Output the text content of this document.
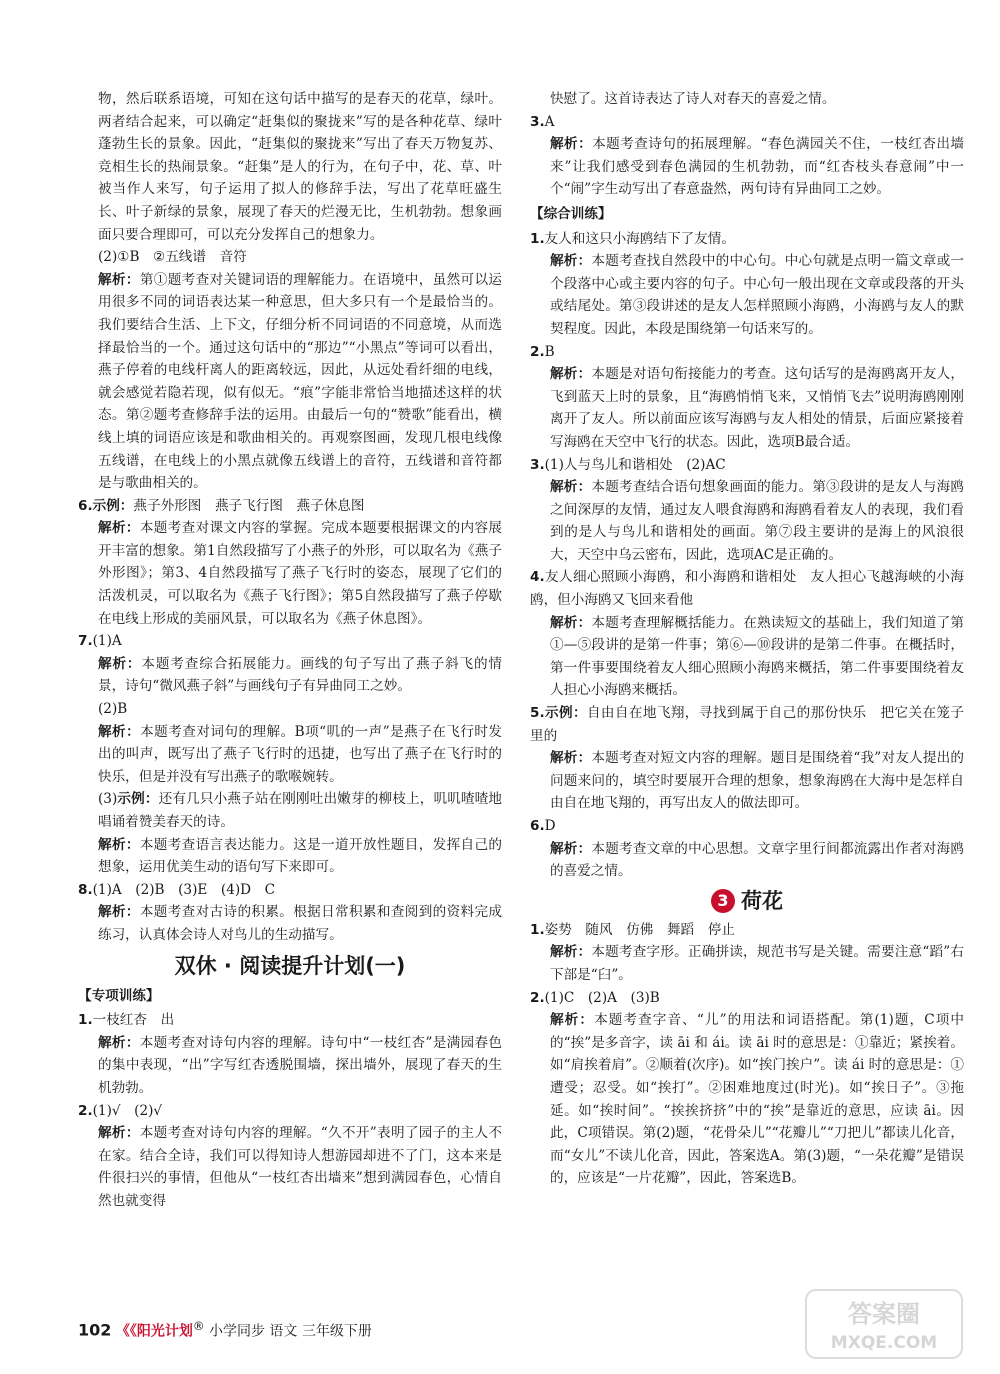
物，然后联系语境，可知在这句话中描写的是春天的花草，绿叶。两者结合起来，可以确定“赶集似的聚拢来”写的是各种花草、绿叶蓬勃生长的景象。因此，“赶集似的聚拢来”写出了春天万物复苏、竞相生长的热闹景象。“赶集”是人的行为，在句子中，花、草、叶被当作人来写，句子运用了拟人的修辞手法，写出了花草旺盛生长、叶子新绿的景象，展现了春天的烂漫无比，生机勃勃。想象画面只要合理即可，可以充分发挥自己的想象力。

(2)①B　②五线谱　音符

解析：第①题考查对关键词语的理解能力。在语境中，虽然可以运用很多不同的词语表达某一种意思，但大多只有一个是最恰当的。我们要结合生活、上下文，仔细分析不同词语的不同意境，从而选择最恰当的一个。通过这句话中的“那边”“小黑点”等词可以看出，燕子停着的电线杆离人的距离较远，因此，从远处看纤细的电线，就会感觉若隐若现，似有似无。“痕”字能非常恰当地描述这样的状态。第②题考查修辞手法的运用。由最后一句的“赞歌”能看出，横线上填的词语应该是和歌曲相关的。再观察图画，发现几根电线像五线谱，在电线上的小黑点就像五线谱上的音符，五线谱和音符都是与歌曲相关的。

6.示例：燕子外形图　燕子飞行图　燕子休息图

解析：本题考查对课文内容的掌握。完成本题要根据课文的内容展开丰富的想象。第1自然段描写了小燕子的外形，可以取名为《燕子外形图》；第3、4自然段描写了燕子飞行时的姿态，展现了它们的活泼机灵，可以取名为《燕子飞行图》；第5自然段描写了燕子停歇在电线上形成的美丽风景，可以取名为《燕子休息图》。

7.(1)A

解析：本题考查综合拓展能力。画线的句子写出了燕子斜飞的情景，诗句“微风燕子斜”与画线句子有异曲同工之妙。

(2)B

解析：本题考查对词句的理解。B项“叽的一声”是燕子在飞行时发出的叫声，既写出了燕子飞行时的迅捷，也写出了燕子在飞行时的快乐，但是并没有写出燕子的歌喉婉转。

(3)示例：还有几只小燕子站在刚刚吐出嫩芽的柳枝上，叽叽喳喳地唱诵着赞美春天的诗。

解析：本题考查语言表达能力。这是一道开放性题目，发挥自己的想象，运用优美生动的语句写下来即可。

8.(1)A　(2)B　(3)E　(4)D　C

解析：本题考查对古诗的积累。根据日常积累和查阅到的资料完成练习，认真体会诗人对鸟儿的生动描写。

双休 · 阅读提升计划(一)
【专项训练】

1.一枝红杏　出

解析：本题考查对诗句内容的理解。诗句中“一枝红杏”是满园春色的集中表现，“出”字写红杏透脱围墙，探出墙外，展现了春天的生机勃勃。

2.(1)√　(2)√

解析：本题考查对诗句内容的理解。“久不开”表明了园子的主人不在家。结合全诗，我们可以得知诗人想游园却进不了门，这本来是件很扫兴的事情，但他从“一枝红杏出墙来”想到满园春色，心情自然也就变得

快慰了。这首诗表达了诗人对春天的喜爱之情。

3.A

解析：本题考查诗句的拓展理解。“春色满园关不住，一枝红杏出墙来”让我们感受到春色满园的生机勃勃，而“红杏枝头春意闹”中一个“闹”字生动写出了春意盎然，两句诗有异曲同工之妙。

【综合训练】

1.友人和这只小海鸥结下了友情。

解析：本题考查找自然段中的中心句。中心句就是点明一篇文章或一个段落中心或主要内容的句子。中心句一般出现在文章或段落的开头或结尾处。第③段讲述的是友人怎样照顾小海鸥，小海鸥与友人的默契程度。因此，本段是围绕第一句话来写的。

2.B

解析：本题是对语句衔接能力的考查。这句话写的是海鸥离开友人，飞到蓝天上时的景象，且“海鸥悄悄飞来，又悄悄飞去”说明海鸥刚刚离开了友人。所以前面应该写海鸥与友人相处的情景，后面应紧接着写海鸥在天空中飞行的状态。因此，选项B最合适。

3.(1)人与鸟儿和谐相处　(2)AC

解析：本题考查结合语句想象画面的能力。第③段讲的是友人与海鸥之间深厚的友情，通过友人喂食海鸥和海鸥看着友人的表现，我们看到的是人与鸟儿和谐相处的画面。第⑦段主要讲的是海上的风浪很大，天空中乌云密布，因此，选项AC是正确的。

4.友人细心照顾小海鸥，和小海鸥和谐相处　友人担心飞越海峡的小海鸥，但小海鸥又飞回来看他

解析：本题考查理解概括能力。在熟读短文的基础上，我们知道了第①—⑤段讲的是第一件事；第⑥—⑩段讲的是第二件事。在概括时，第一件事要围绕着友人细心照顾小海鸥来概括，第二件事要围绕着友人担心小海鸥来概括。

5.示例：自由自在地飞翔，寻找到属于自己的那份快乐　把它关在笼子里的

解析：本题考查对短文内容的理解。题目是围绕着“我”对友人提出的问题来问的，填空时要展开合理的想象，想象海鸥在大海中是怎样自由自在地飞翔的，再写出友人的做法即可。

6.D

解析：本题考查文章的中心思想。文章字里行间都流露出作者对海鸥的喜爱之情。

3 荷花

1.姿势　随风　仿佛　舞蹈　停止

解析：本题考查字形。正确拼读，规范书写是关键。需要注意“蹈”右下部是“臼”。

2.(1)C　(2)A　(3)B

解析：本题考查字音、“儿”的用法和词语搭配。第(1)题，C项中的“挨”是多音字，读 āi 和 ái。读 āi 时的意思是：①靠近；紧挨着。如“肩挨着肩”。②顺着(次序)。如“挨门挨户”。读 ái 时的意思是：①遭受；忍受。如“挨打”。②困难地度过(时光)。如“挨日子”。③拖延。如“挨时间”。“挨挨挤挤”中的“挨”是靠近的意思，应读 āi。因此，C项错误。第(2)题，“花骨朵儿”“花瓣儿”“刀把儿”都读儿化音，而“女儿”不读儿化音，因此，答案选A。第(3)题，“一朵花瓣”是错误的，应该是“一片花瓣”，因此，答案选B。

102 《《阳光计划® 小学同步 语文 三年级下册
答案圈
MXQE.COM
